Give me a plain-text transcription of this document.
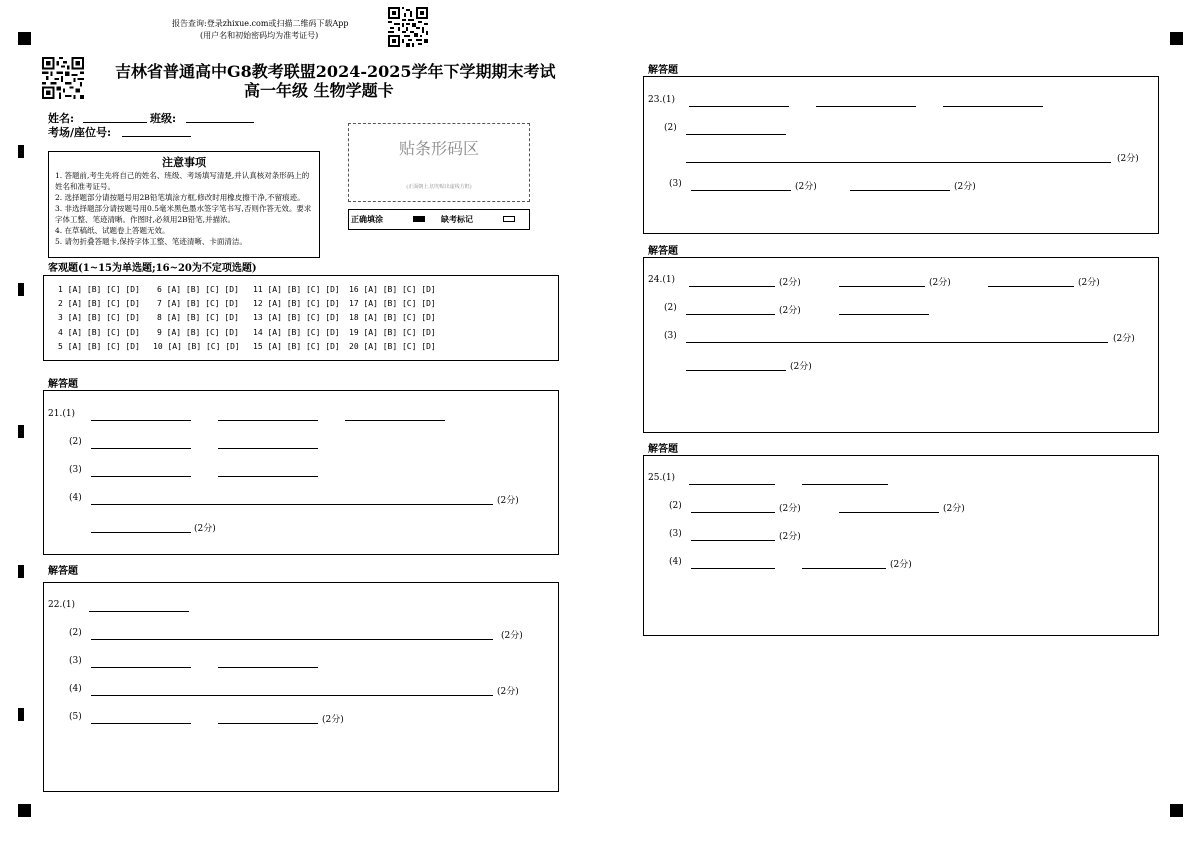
报告查询:登录zhixue.com或扫描二维码下载App
(用户名和初始密码均为准考证号)
吉林省普通高中G8教考联盟2024-2025学年下学期期末考试
高一年级 生物学题卡
姓名:	班级:
考场/座位号:
贴条形码区
(正面朝上,切勿贴出虚线方框)
正确填涂	缺考标记
注意事项
1. 答题前,考生先将自己的姓名、班级、考场填写清楚,并认真核对条形码上的姓名和准考证号。
2. 选择题部分请按题号用2B铅笔填涂方框,修改时用橡皮擦干净,不留痕迹。
3. 非选择题部分请按题号用0.5毫米黑色墨水签字笔书写,否则作答无效。要求字体工整、笔迹清晰。作图时,必须用2B铅笔,并描浓。
4. 在草稿纸、试题卷上答题无效。
5. 请勿折叠答题卡,保持字体工整、笔迹清晰、卡面清洁。
客观题(1~15为单选题;16~20为不定项选题)
1 [A] [B] [C] [D] 6 [A] [B] [C] [D] 11 [A] [B] [C] [D] 16 [A] [B] [C] [D]
2 [A] [B] [C] [D] 7 [A] [B] [C] [D] 12 [A] [B] [C] [D] 17 [A] [B] [C] [D]
3 [A] [B] [C] [D] 8 [A] [B] [C] [D] 13 [A] [B] [C] [D] 18 [A] [B] [C] [D]
4 [A] [B] [C] [D] 9 [A] [B] [C] [D] 14 [A] [B] [C] [D] 19 [A] [B] [C] [D]
5 [A] [B] [C] [D] 10 [A] [B] [C] [D] 15 [A] [B] [C] [D] 20 [A] [B] [C] [D]
解答题
21.(1)
(2)
(3)
(4)	(2分)
(2分)
解答题
22.(1)
(2)	(2分)
(3)
(4)	(2分)
(5)	(2分)
解答题
23.(1)
(2)
(2分)
(3)	(2分)	(2分)
解答题
24.(1)	(2分)	(2分)	(2分)
(2)	(2分)
(3)	(2分)
(2分)
解答题
25.(1)
(2)	(2分)	(2分)
(3)	(2分)
(4)	(2分)
